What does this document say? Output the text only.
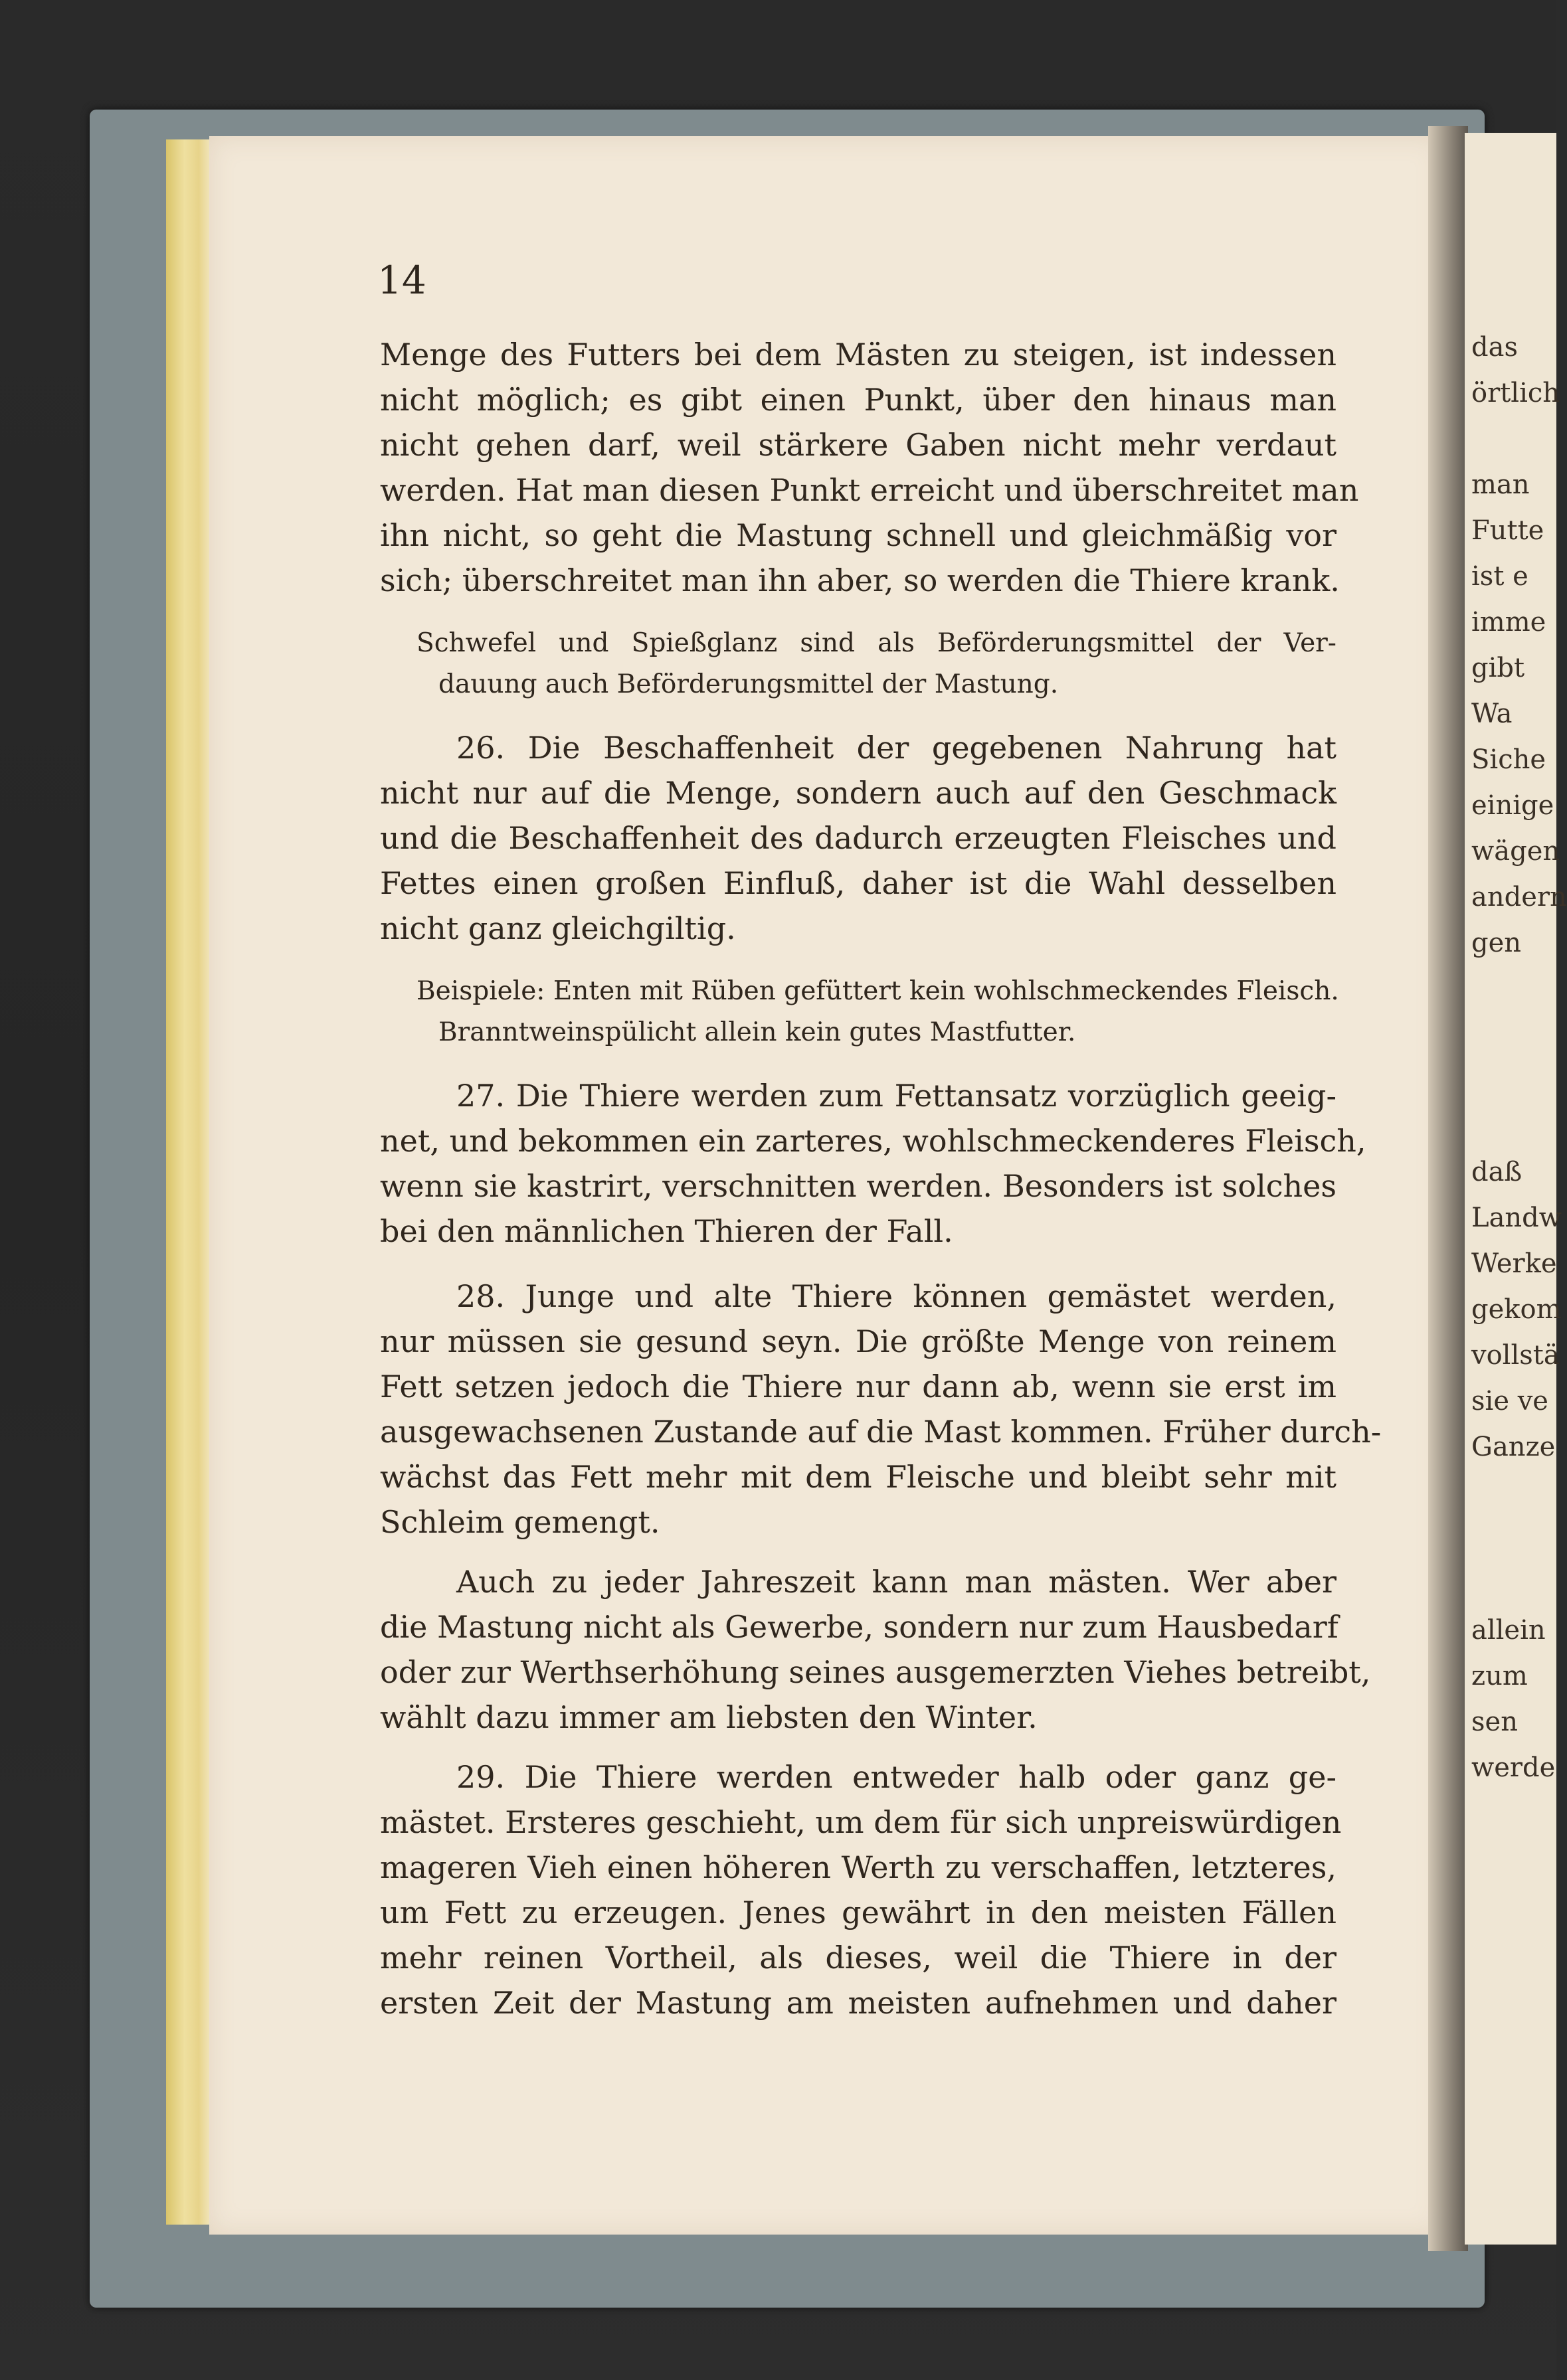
das
örtlich
man
Futte
ist e
imme
gibt
Wa
Siche
einige
wägen
andern
gen
daß
Landw
Werke
gekom
vollstä
sie ve
Ganze
allein
zum
sen
werde
14
Menge des Futters bei dem Mästen zu steigen, ist indessen
nicht möglich; es gibt einen Punkt, über den hinaus man
nicht gehen darf, weil stärkere Gaben nicht mehr verdaut
werden. Hat man diesen Punkt erreicht und überschreitet man
ihn nicht, so geht die Mastung schnell und gleichmäßig vor
sich; überschreitet man ihn aber, so werden die Thiere krank.
Schwefel und Spießglanz sind als Beförderungsmittel der Ver-
dauung auch Beförderungsmittel der Mastung.
26. Die Beschaffenheit der gegebenen Nahrung hat
nicht nur auf die Menge, sondern auch auf den Geschmack
und die Beschaffenheit des dadurch erzeugten Fleisches und
Fettes einen großen Einfluß, daher ist die Wahl desselben
nicht ganz gleichgiltig.
Beispiele: Enten mit Rüben gefüttert kein wohlschmeckendes Fleisch.
Branntweinspülicht allein kein gutes Mastfutter.
27. Die Thiere werden zum Fettansatz vorzüglich geeig-
net, und bekommen ein zarteres, wohlschmeckenderes Fleisch,
wenn sie kastrirt, verschnitten werden. Besonders ist solches
bei den männlichen Thieren der Fall.
28. Junge und alte Thiere können gemästet werden,
nur müssen sie gesund seyn. Die größte Menge von reinem
Fett setzen jedoch die Thiere nur dann ab, wenn sie erst im
ausgewachsenen Zustande auf die Mast kommen. Früher durch-
wächst das Fett mehr mit dem Fleische und bleibt sehr mit
Schleim gemengt.
Auch zu jeder Jahreszeit kann man mästen. Wer aber
die Mastung nicht als Gewerbe, sondern nur zum Hausbedarf
oder zur Werthserhöhung seines ausgemerzten Viehes betreibt,
wählt dazu immer am liebsten den Winter.
29. Die Thiere werden entweder halb oder ganz ge-
mästet. Ersteres geschieht, um dem für sich unpreiswürdigen
mageren Vieh einen höheren Werth zu verschaffen, letzteres,
um Fett zu erzeugen. Jenes gewährt in den meisten Fällen
mehr reinen Vortheil, als dieses, weil die Thiere in der
ersten Zeit der Mastung am meisten aufnehmen und daher
